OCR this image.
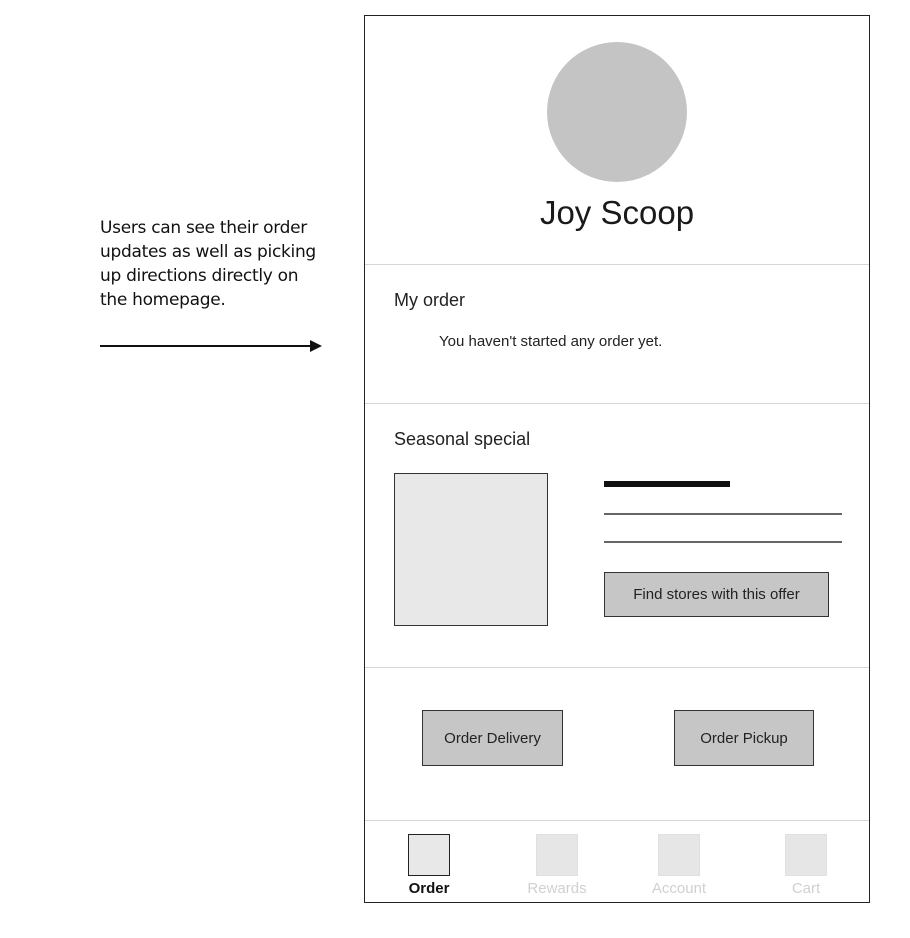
Users can see their order
updates as well as picking
up directions directly on
the homepage.
Joy Scoop
My order
You haven't started any order yet.
Seasonal special
Find stores with this offer
Order Delivery	Order Pickup
Order	Rewards	Account	Cart
